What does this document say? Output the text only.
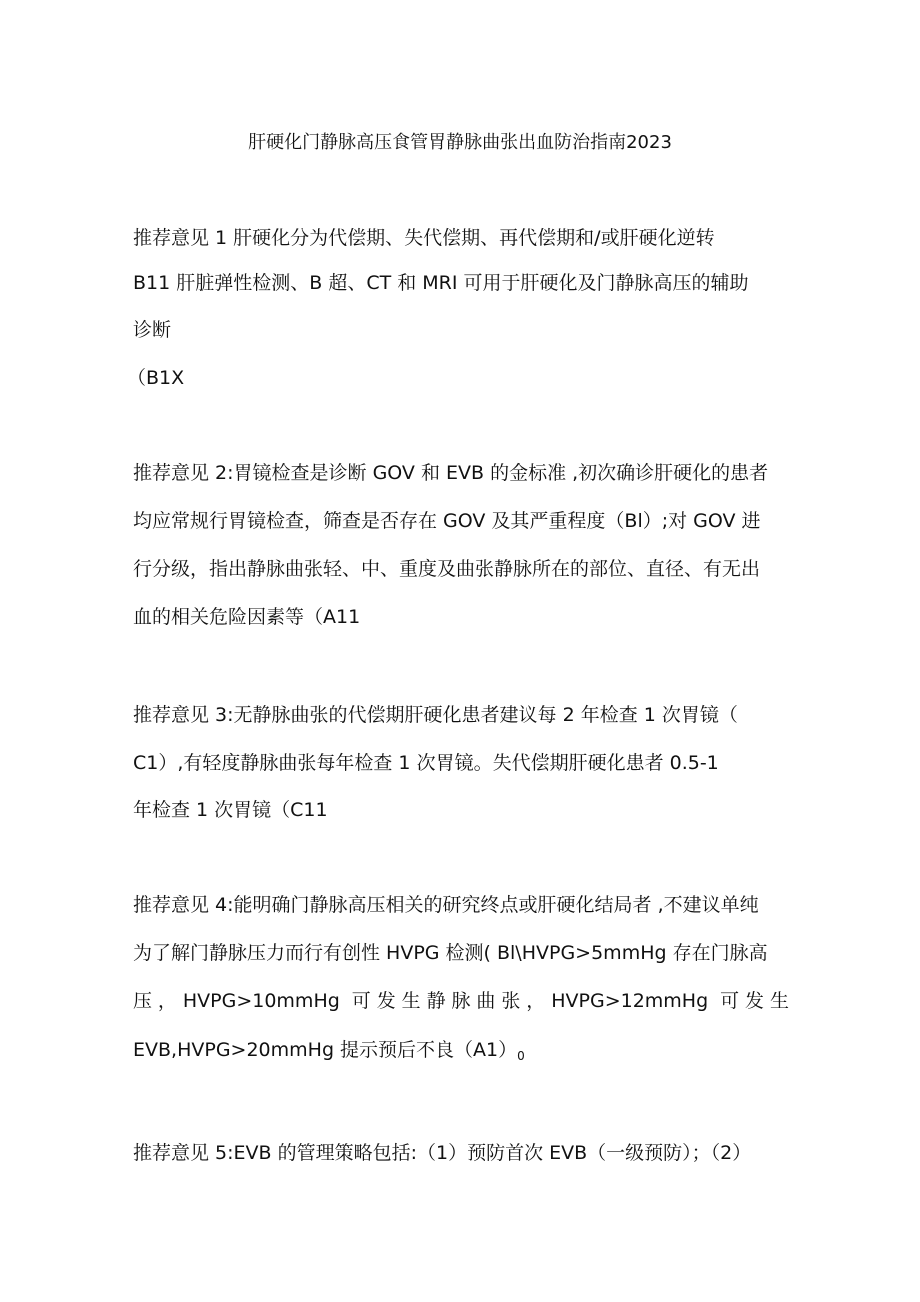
肝硬化门静脉高压食管胃静脉曲张出血防治指南2023
推荐意见 1 肝硬化分为代偿期、失代偿期、再代偿期和/或肝硬化逆转
B11 肝脏弹性检测、B 超、CT 和 MRI 可用于肝硬化及门静脉高压的辅助
诊断
（B1X
推荐意见 2:胃镜检查是诊断 GOV 和 EVB 的金标准 ,初次确诊肝硬化的患者
均应常规行胃镜检查，筛查是否存在 GOV 及其严重程度（Bl）;对 GOV 进
行分级，指出静脉曲张轻、中、重度及曲张静脉所在的部位、直径、有无出
血的相关危险因素等（A11
推荐意见 3:无静脉曲张的代偿期肝硬化患者建议每 2 年检查 1 次胃镜（
C1）,有轻度静脉曲张每年检查 1 次胃镜。失代偿期肝硬化患者 0.5-1
年检查 1 次胃镜（C11
推荐意见 4:能明确门静脉高压相关的研究终点或肝硬化结局者 ,不建议单纯
为了解门静脉压力而行有创性 HVPG 检测( Bl\HVPG>5mmHg 存在门脉高
压，HVPG>10mmHg 可发生静脉曲张，HVPG>12mmHg 可发生
EVB,HVPG>20mmHg 提示预后不良$(A1)_0$
推荐意见 5:EVB 的管理策略包括:（1）预防首次 EVB（一级预防）；（2）
